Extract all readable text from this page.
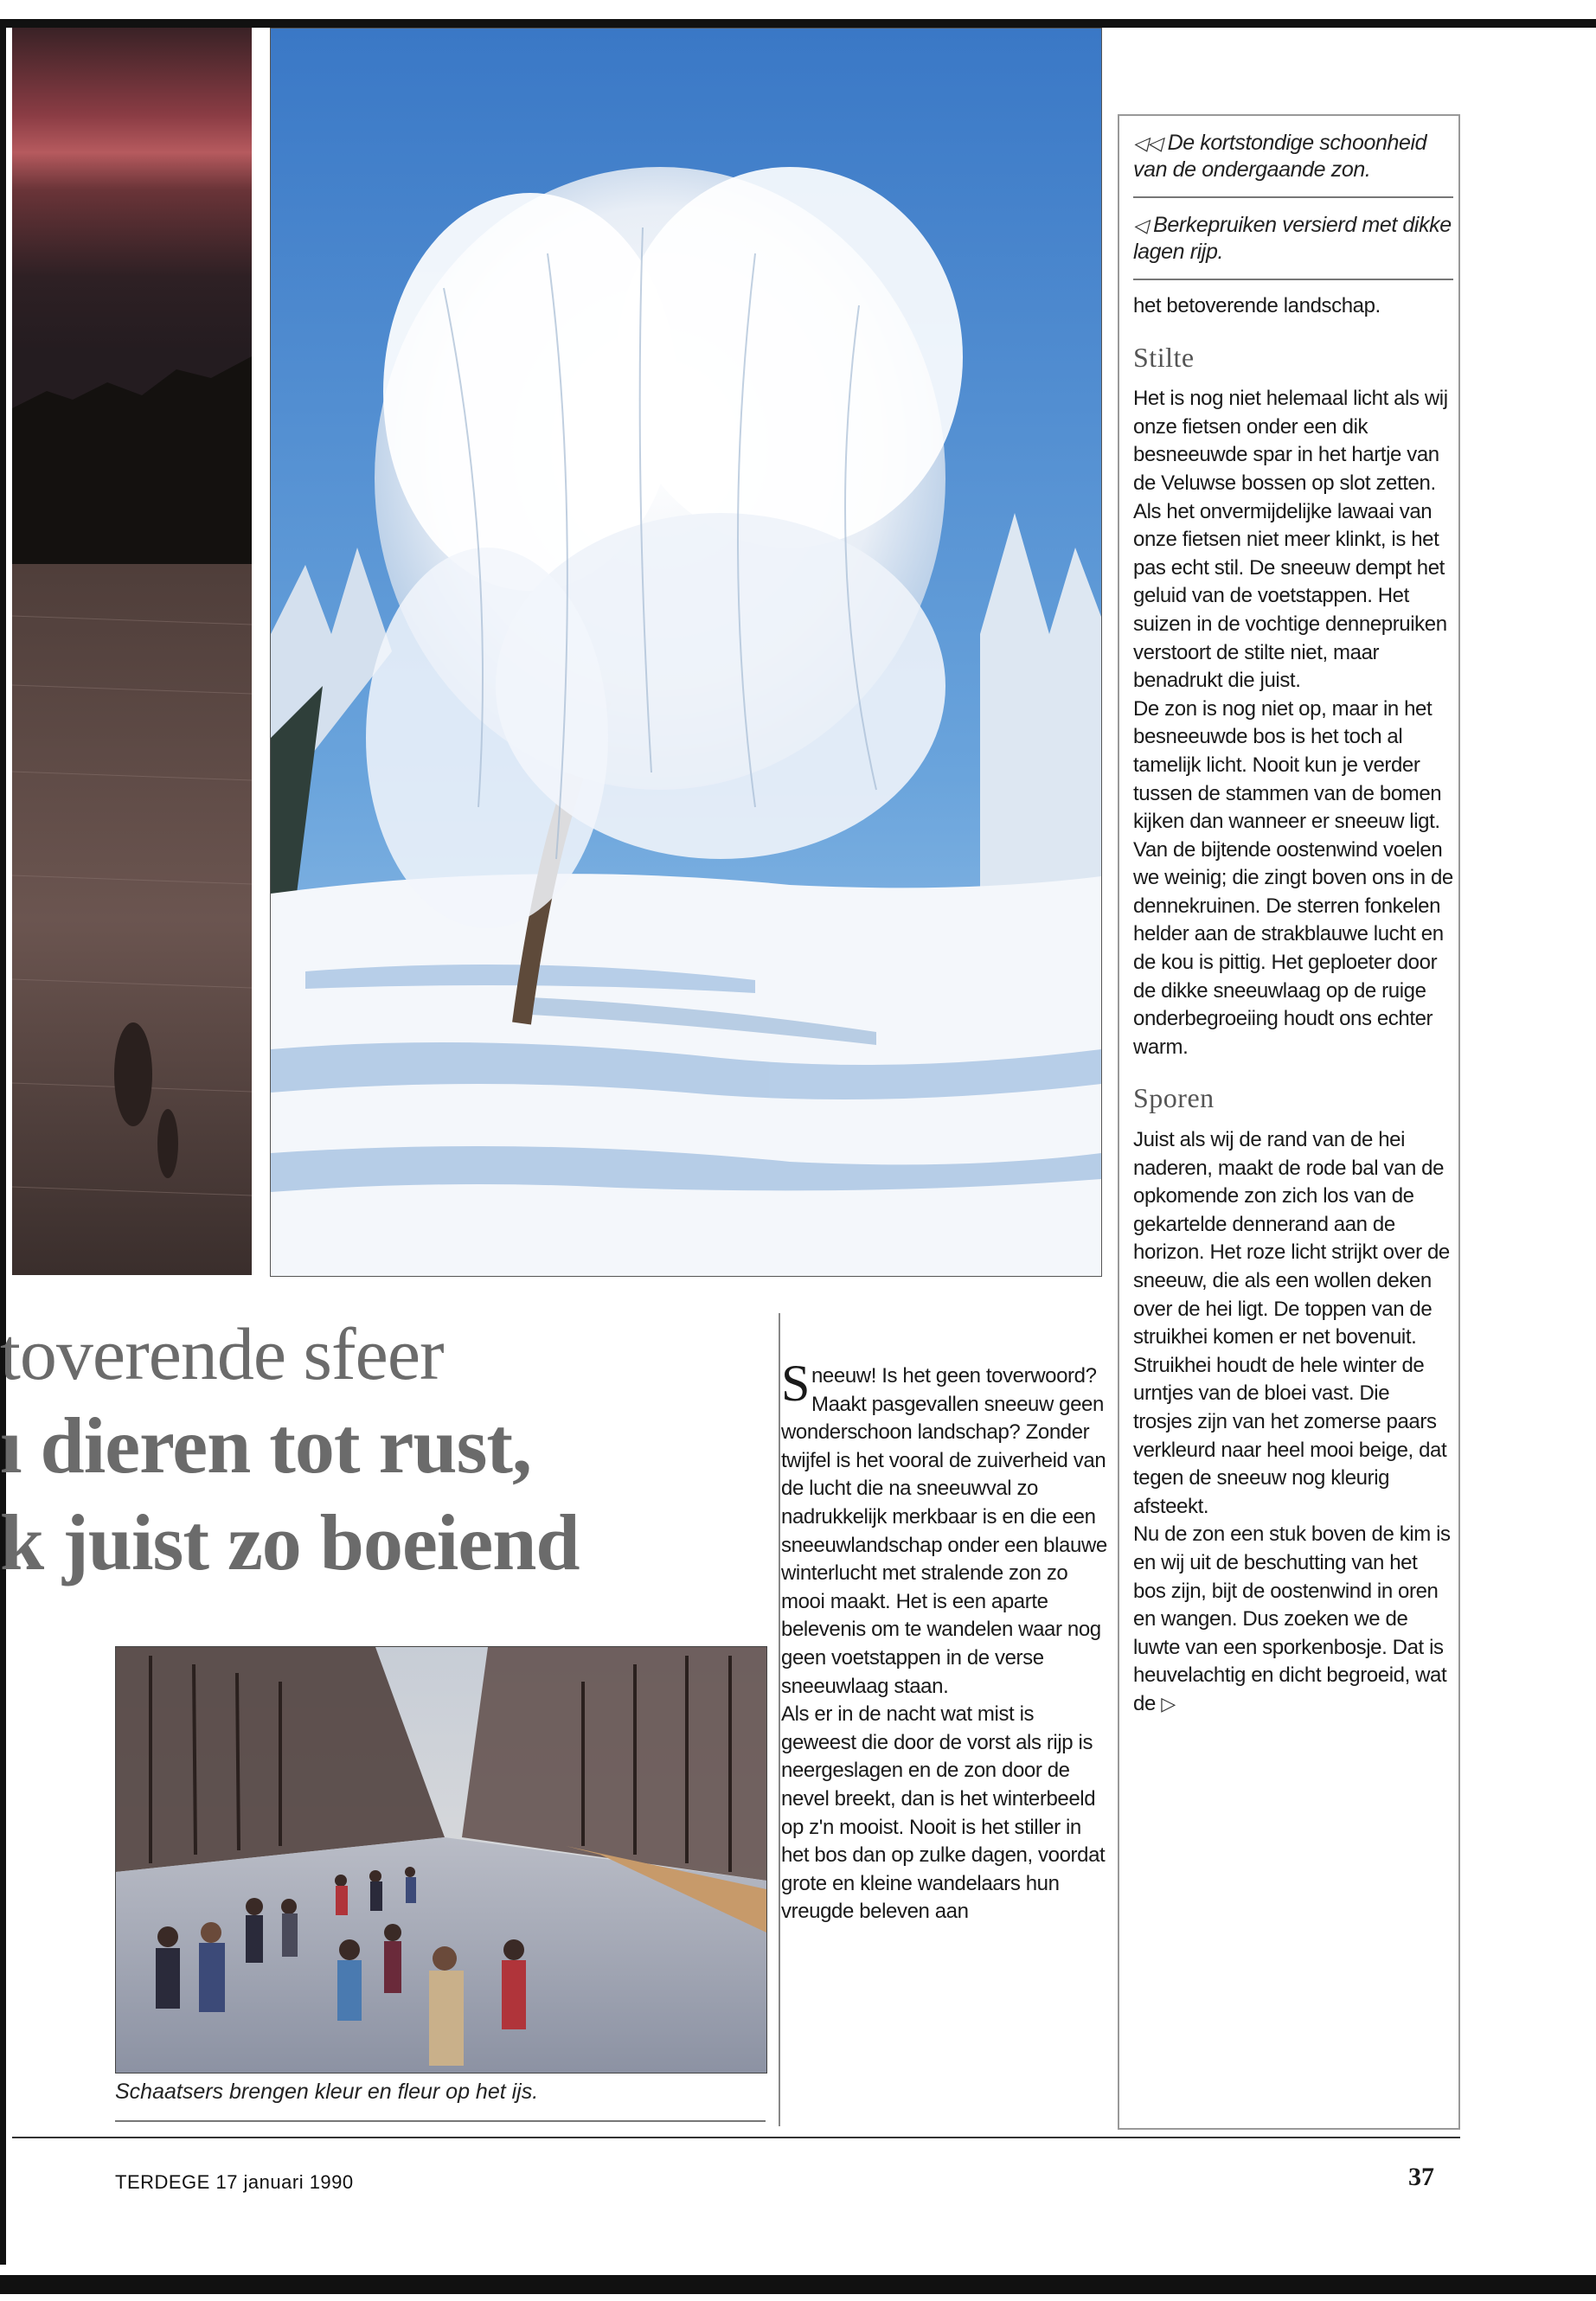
◁◁ De kortstondige schoonheid van de ondergaande zon.
◁ Berkepruiken versierd met dikke lagen rijp.

het betoverende landschap.

Stilte

Het is nog niet helemaal licht als wij onze fietsen onder een dik besneeuwde spar in het hartje van de Veluwse bossen op slot zetten. Als het onvermijdelijke lawaai van onze fietsen niet meer klinkt, is het pas echt stil. De sneeuw dempt het geluid van de voetstappen. Het suizen in de vochtige dennepruiken verstoort de stilte niet, maar benadrukt die juist.

De zon is nog niet op, maar in het besneeuwde bos is het toch al tamelijk licht. Nooit kun je verder tussen de stammen van de bomen kijken dan wanneer er sneeuw ligt. Van de bijtende oostenwind voelen we weinig; die zingt boven ons in de dennekruinen. De sterren fonkelen helder aan de strakblauwe lucht en de kou is pittig. Het geploeter door de dikke sneeuwlaag op de ruige onderbegroeiing houdt ons echter warm.

Sporen

Juist als wij de rand van de hei naderen, maakt de rode bal van de opkomende zon zich los van de gekartelde dennerand aan de horizon. Het roze licht strijkt over de sneeuw, die als een wollen deken over de hei ligt. De toppen van de struikhei komen er net bovenuit.

Struikhei houdt de hele winter de urntjes van de bloei vast. Die trosjes zijn van het zomerse paars verkleurd naar heel mooi beige, dat tegen de sneeuw nog kleurig afsteekt.

Nu de zon een stuk boven de kim is en wij uit de beschutting van het bos zijn, bijt de oostenwind in oren en wangen. Dus zoeken we de luwte van een sporkenbosje. Dat is heuvelachtig en dicht begroeid, wat de ▷

toverende sfeer
ı dieren tot rust,
k juist zo boeiend
Schaatsers brengen kleur en fleur op het ijs.

Sneeuw! Is het geen toverwoord? Maakt pasgevallen sneeuw geen wonderschoon landschap? Zonder twijfel is het vooral de zuiverheid van de lucht die na sneeuwval zo nadrukkelijk merkbaar is en die een sneeuwlandschap onder een blauwe winterlucht met stralende zon zo mooi maakt. Het is een aparte belevenis om te wandelen waar nog geen voetstappen in de verse sneeuwlaag staan.

Als er in de nacht wat mist is geweest die door de vorst als rijp is neergeslagen en de zon door de nevel breekt, dan is het winterbeeld op z'n mooist. Nooit is het stiller in het bos dan op zulke dagen, voordat grote en kleine wandelaars hun vreugde beleven aan

TERDEGE 17 januari 1990	37
